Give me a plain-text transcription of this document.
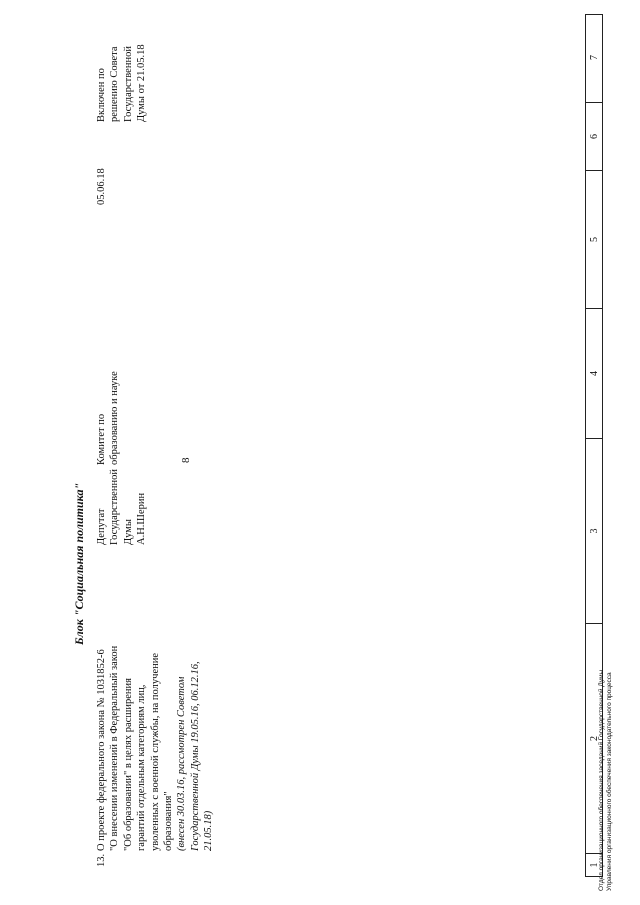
8
1
2
3
4
5
6
7
Блок "Социальная политика"
13.
О проекте федерального закона № 1031852-6 "О внесении изменений в Федеральный закон "Об образовании" в целях расширения гарантий отдельным категориям лиц, уволенных с военной службы, на получение образования" (внесен 30.03.16, рассмотрен Советом Государственной Думы 19.05.16, 06.12.16, 21.05.18)
Депутат Государственной Думы А.Н.Шерин
Комитет по образованию и науке
05.06.18
Включен по решению Совета Государственной Думы от 21.05.18
Отдел организационного обеспечения заседаний Государственной Думы Управления организационного обеспечения законодательного процесса
